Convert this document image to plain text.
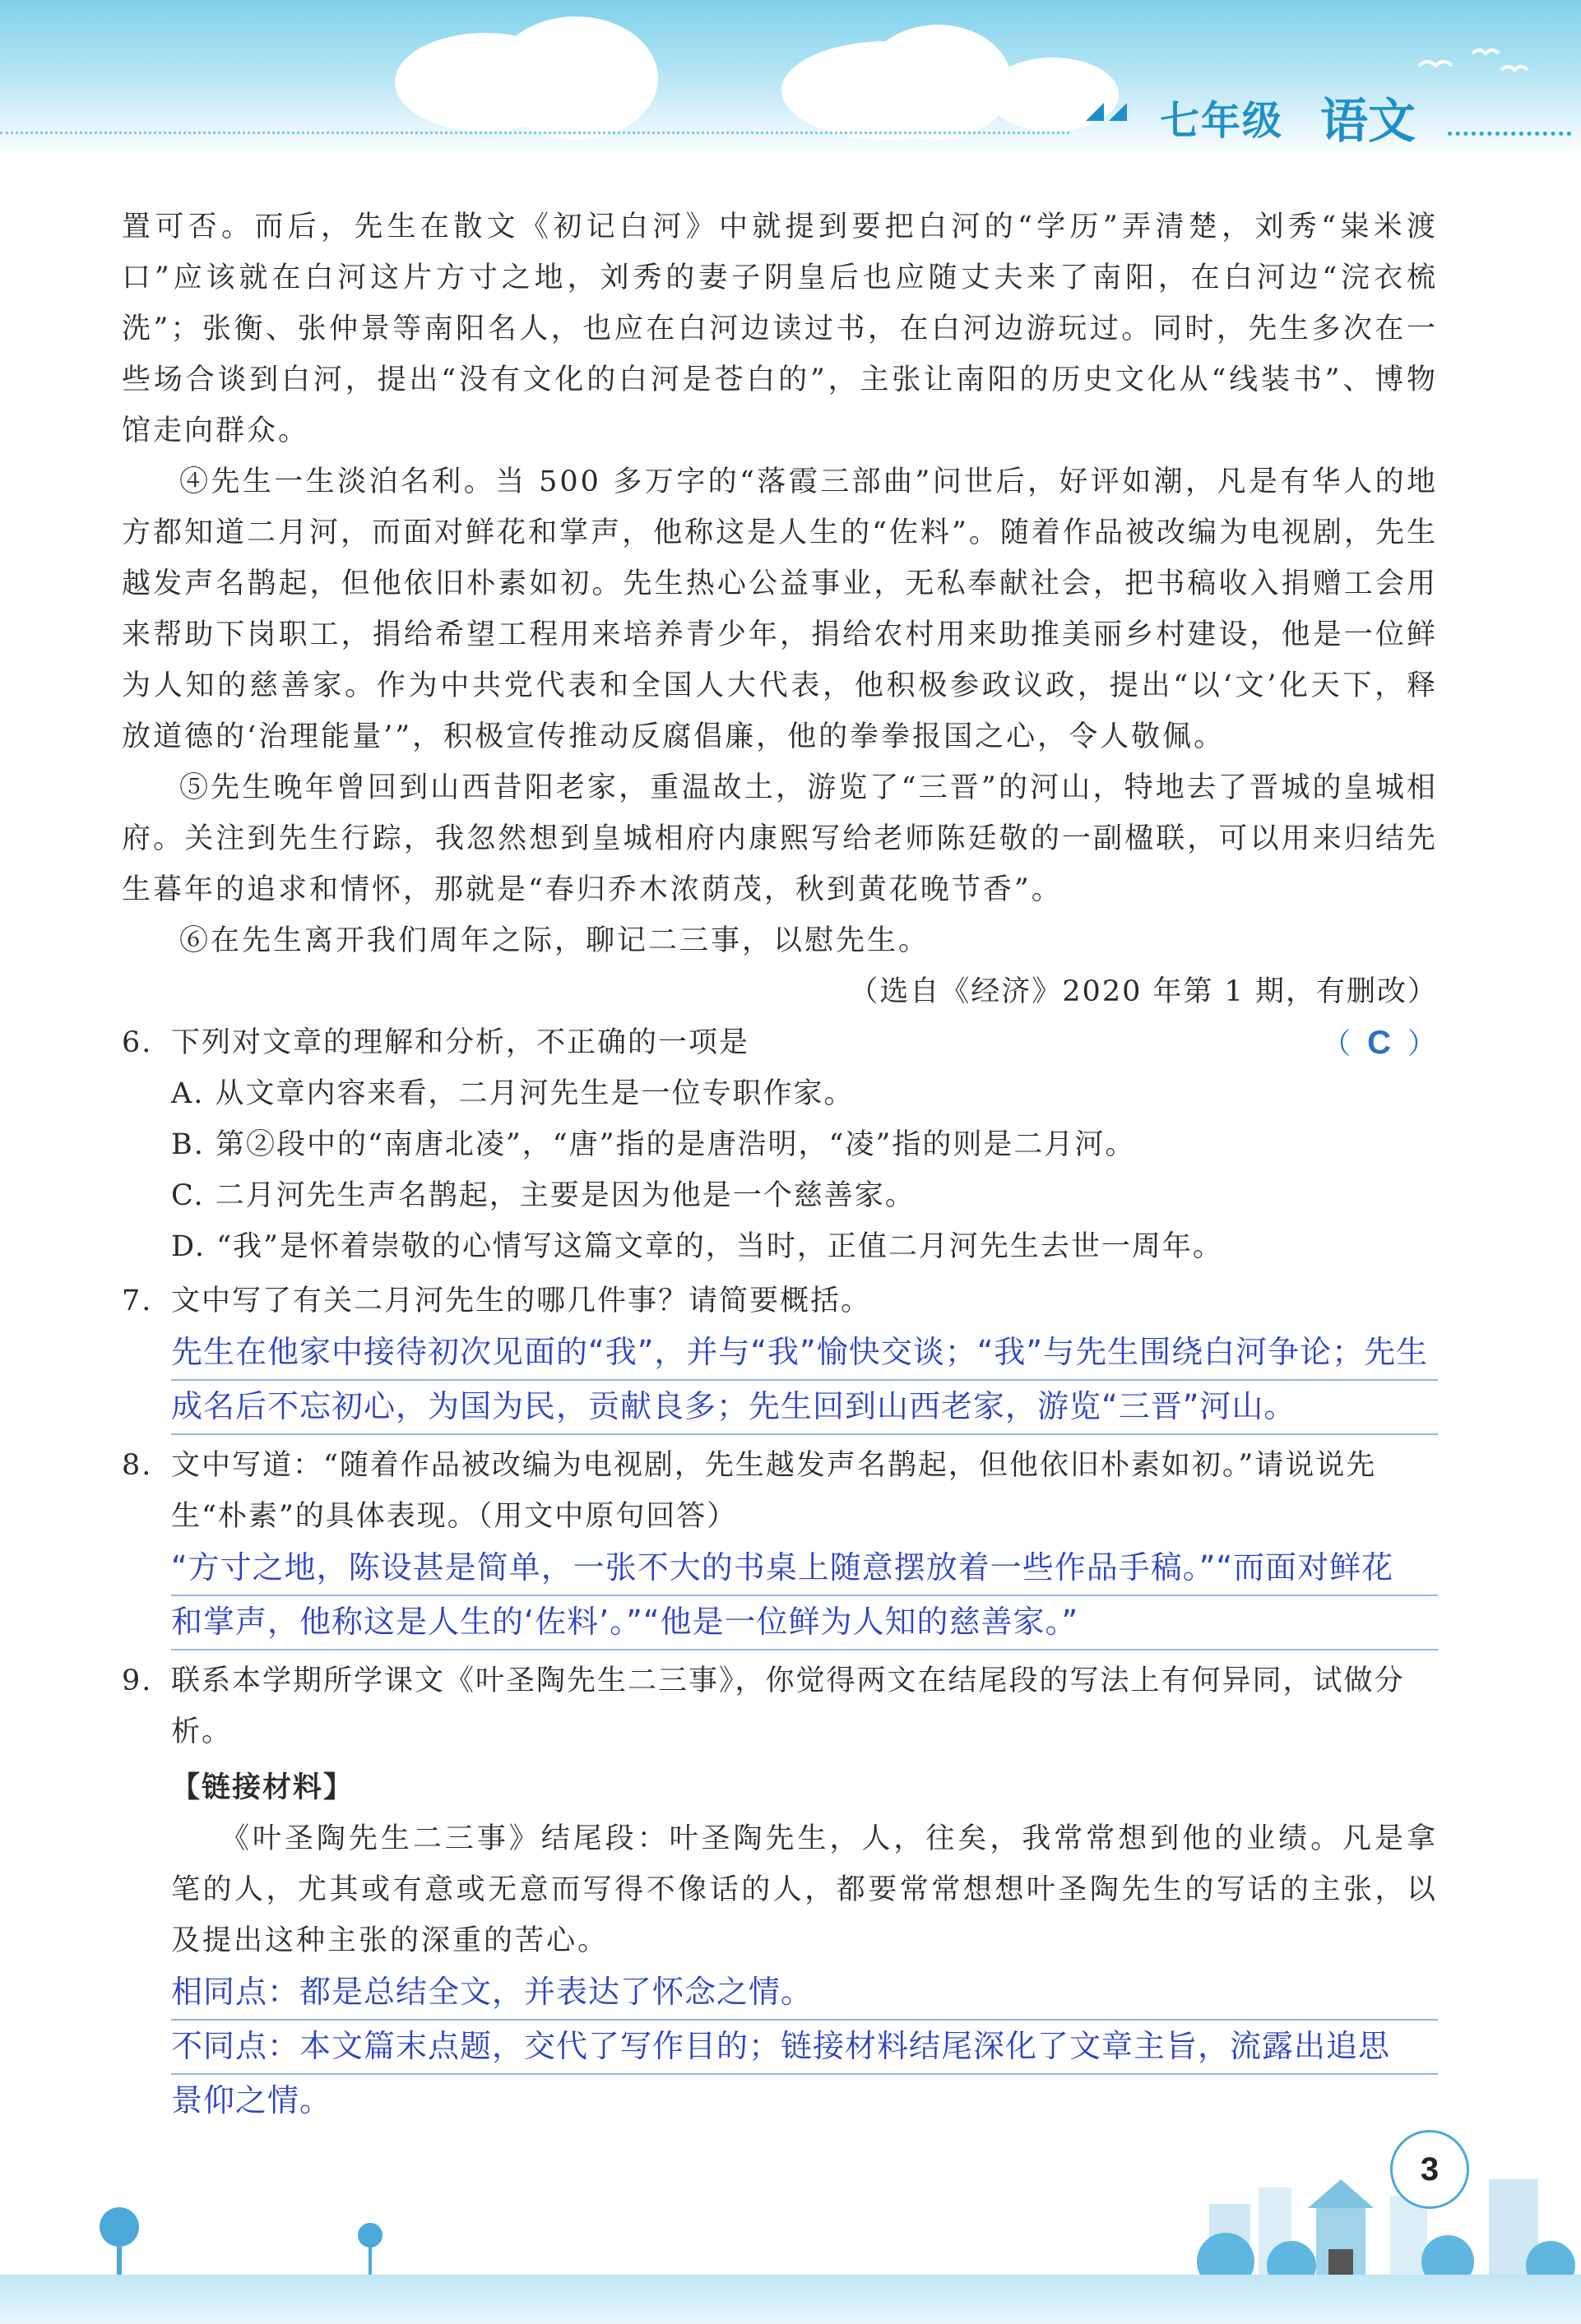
七年级 语文

置可否。而后，先生在散文《初记白河》中就提到要把白河的“学历”弄清楚，刘秀“粜米渡口”应该就在白河这片方寸之地，刘秀的妻子阴皇后也应随丈夫来了南阳，在白河边“浣衣梳洗”；张衡、张仲景等南阳名人，也应在白河边读过书，在白河边游玩过。同时，先生多次在一些场合谈到白河，提出“没有文化的白河是苍白的”，主张让南阳的历史文化从“线装书”、博物馆走向群众。

④先生一生淡泊名利。当 500 多万字的“落霞三部曲”问世后，好评如潮，凡是有华人的地方都知道二月河，而面对鲜花和掌声，他称这是人生的“佐料”。随着作品被改编为电视剧，先生越发声名鹊起，但他依旧朴素如初。先生热心公益事业，无私奉献社会，把书稿收入捐赠工会用来帮助下岗职工，捐给希望工程用来培养青少年，捐给农村用来助推美丽乡村建设，他是一位鲜为人知的慈善家。作为中共党代表和全国人大代表，他积极参政议政，提出“以‘文’化天下，释放道德的‘治理能量’”，积极宣传推动反腐倡廉，他的拳拳报国之心，令人敬佩。

⑤先生晚年曾回到山西昔阳老家，重温故土，游览了“三晋”的河山，特地去了晋城的皇城相府。关注到先生行踪，我忽然想到皇城相府内康熙写给老师陈廷敬的一副楹联，可以用来归结先生暮年的追求和情怀，那就是“春归乔木浓荫茂，秋到黄花晚节香”。

⑥在先生离开我们周年之际，聊记二三事，以慰先生。

（选自《经济》2020 年第 1 期，有删改）

6. 下列对文章的理解和分析，不正确的一项是	（ C ）

A. 从文章内容来看，二月河先生是一位专职作家。

B. 第②段中的“南唐北凌”，“唐”指的是唐浩明，“凌”指的则是二月河。

C. 二月河先生声名鹊起，主要是因为他是一个慈善家。

D. “我”是怀着崇敬的心情写这篇文章的，当时，正值二月河先生去世一周年。

7. 文中写了有关二月河先生的哪几件事？请简要概括。
先生在他家中接待初次见面的“我”，并与“我”愉快交谈；“我”与先生围绕白河争论；先生
成名后不忘初心，为国为民，贡献良多；先生回到山西老家，游览“三晋”河山。
8. 文中写道：“随着作品被改编为电视剧，先生越发声名鹊起，但他依旧朴素如初。”请说说先生“朴素”的具体表现。（用文中原句回答）
“方寸之地，陈设甚是简单，一张不大的书桌上随意摆放着一些作品手稿。”“而面对鲜花
和掌声，他称这是人生的‘佐料’。”“他是一位鲜为人知的慈善家。”
9. 联系本学期所学课文《叶圣陶先生二三事》，你觉得两文在结尾段的写法上有何异同，试做分析。
【链接材料】

《叶圣陶先生二三事》结尾段：叶圣陶先生，人，往矣，我常常想到他的业绩。凡是拿笔的人，尤其或有意或无意而写得不像话的人，都要常常想想叶圣陶先生的写话的主张，以及提出这种主张的深重的苦心。

相同点：都是总结全文，并表达了怀念之情。
不同点：本文篇末点题，交代了写作目的；链接材料结尾深化了文章主旨，流露出追思
景仰之情。
3
